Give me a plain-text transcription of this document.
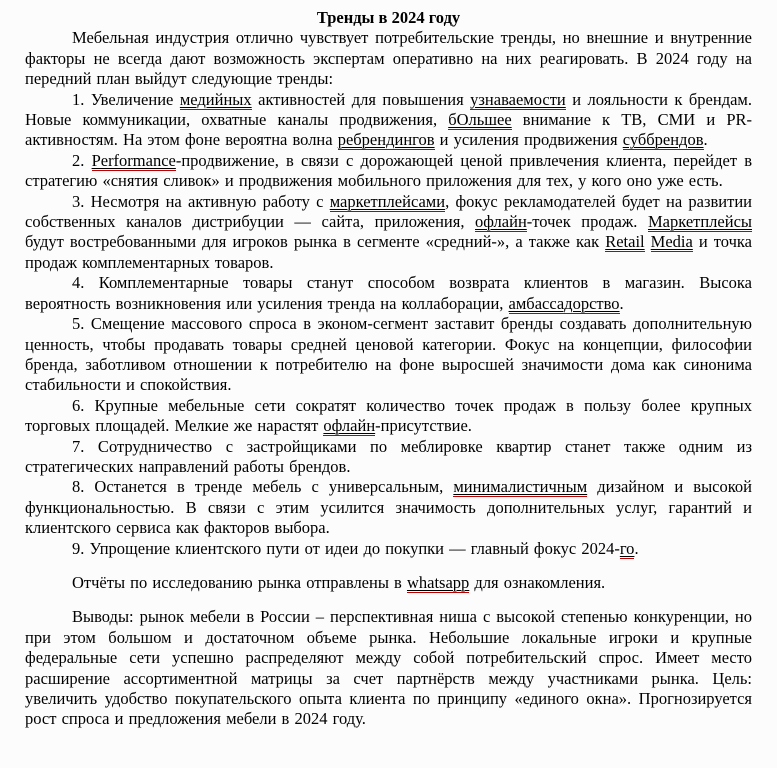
Тренды в 2024 году

Мебельная индустрия отлично чувствует потребительские тренды, но внешние и внутренние факторы не всегда дают возможность экспертам оперативно на них реагировать. В 2024 году на передний план выйдут следующие тренды:

1. Увеличение медийных активностей для повышения узнаваемости и лояльности к брендам. Новые коммуникации, охватные каналы продвижения, бОльшее внимание к ТВ, СМИ и PR-активностям. На этом фоне вероятна волна ребрендингов и усиления продвижения суббрендов.

2. Performance-продвижение, в связи с дорожающей ценой привлечения клиента, перейдет в стратегию «снятия сливок» и продвижения мобильного приложения для тех, у кого оно уже есть.

3. Несмотря на активную работу с маркетплейсами, фокус рекламодателей будет на развитии собственных каналов дистрибуции — сайта, приложения, офлайн-точек продаж. Маркетплейсы будут востребованными для игроков рынка в сегменте «средний-», а также как Retail Media и точка продаж комплементарных товаров.

4. Комплементарные товары станут способом возврата клиентов в магазин. Высока вероятность возникновения или усиления тренда на коллаборации, амбассадорство.

5. Смещение массового спроса в эконом-сегмент заставит бренды создавать дополнительную ценность, чтобы продавать товары средней ценовой категории. Фокус на концепции, философии бренда, заботливом отношении к потребителю на фоне выросшей значимости дома как синонима стабильности и спокойствия.

6. Крупные мебельные сети сократят количество точек продаж в пользу более крупных торговых площадей. Мелкие же нарастят офлайн-присутствие.

7. Сотрудничество с застройщиками по меблировке квартир станет также одним из стратегических направлений работы брендов.

8. Останется в тренде мебель с универсальным, минималистичным дизайном и высокой функциональностью. В связи с этим усилится значимость дополнительных услуг, гарантий и клиентского сервиса как факторов выбора.

9. Упрощение клиентского пути от идеи до покупки — главный фокус 2024-го.

Отчёты по исследованию рынка отправлены в whatsapp для ознакомления.

Выводы: рынок мебели в России – перспективная ниша с высокой степенью конкуренции, но при этом большом и достаточном объеме рынка. Небольшие локальные игроки и крупные федеральные сети успешно распределяют между собой потребительский спрос. Имеет место расширение ассортиментной матрицы за счет партнёрств между участниками рынка. Цель: увеличить удобство покупательского опыта клиента по принципу «единого окна». Прогнозируется рост спроса и предложения мебели в 2024 году.
